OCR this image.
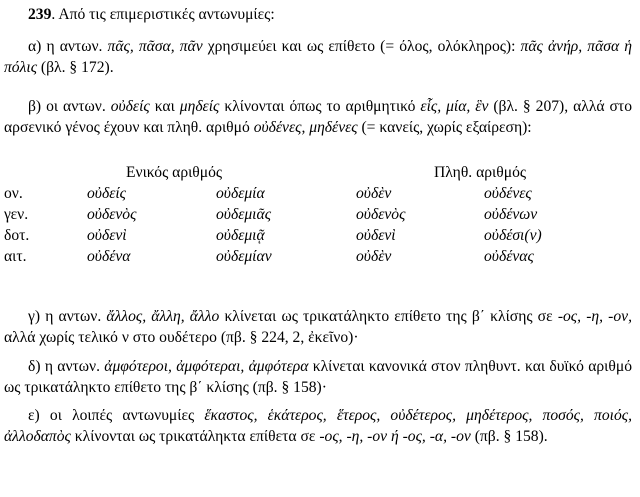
239. Από τις επιμεριστικές αντωνυμίες:

α) η αντων. πᾶς, πᾶσα, πᾶν χρησιμεύει και ως επίθετο (= όλος, ολόκληρος): πᾶς ἀνήρ, πᾶσα ἡ πόλις (βλ. § 172).

β) οι αντων. οὐδείς και μηδείς κλίνονται όπως το αριθμητικό εἷς, μία, ἓν (βλ. § 207), αλλά στο αρσενικό γένος έχουν και πληθ. αριθμό οὐδένες, μηδένες (= κανείς, χωρίς εξαίρεση):

Ενικός αριθμός	Πληθ. αριθμός
ον.	οὐδείς	οὐδεμία	οὐδὲν	οὐδένες
γεν.	οὐδενὸς	οὐδεμιᾶς	οὐδενὸς	οὐδένων
δοτ.	οὐδενὶ	οὐδεμιᾷ	οὐδενὶ	οὐδέσι(ν)
αιτ.	οὐδένα	οὐδεμίαν	οὐδὲν	οὐδένας

γ) η αντων. ἄλλος, ἄλλη, ἄλλο κλίνεται ως τρικατάληκτο επίθετο της β΄ κλίσης σε -ος, -η, -ον, αλλά χωρίς τελικό ν στο ουδέτερο (πβ. § 224, 2, ἐκεῖνο)·

δ) η αντων. ἀμφότεροι, ἀμφότεραι, ἀμφότερα κλίνεται κανονικά στον πληθυντ. και δυϊκό αριθμό ως τρικατάληκτο επίθετο της β΄ κλίσης (πβ. § 158)·

ε) οι λοιπές αντωνυμίες ἕκαστος, ἑκάτερος, ἕτερος, οὐδέτερος, μηδέτερος, ποσός, ποιός, ἀλλοδαπὸς κλίνονται ως τρικατάληκτα επίθετα σε -ος, -η, -ον ή -ος, -α, -ον (πβ. § 158).
